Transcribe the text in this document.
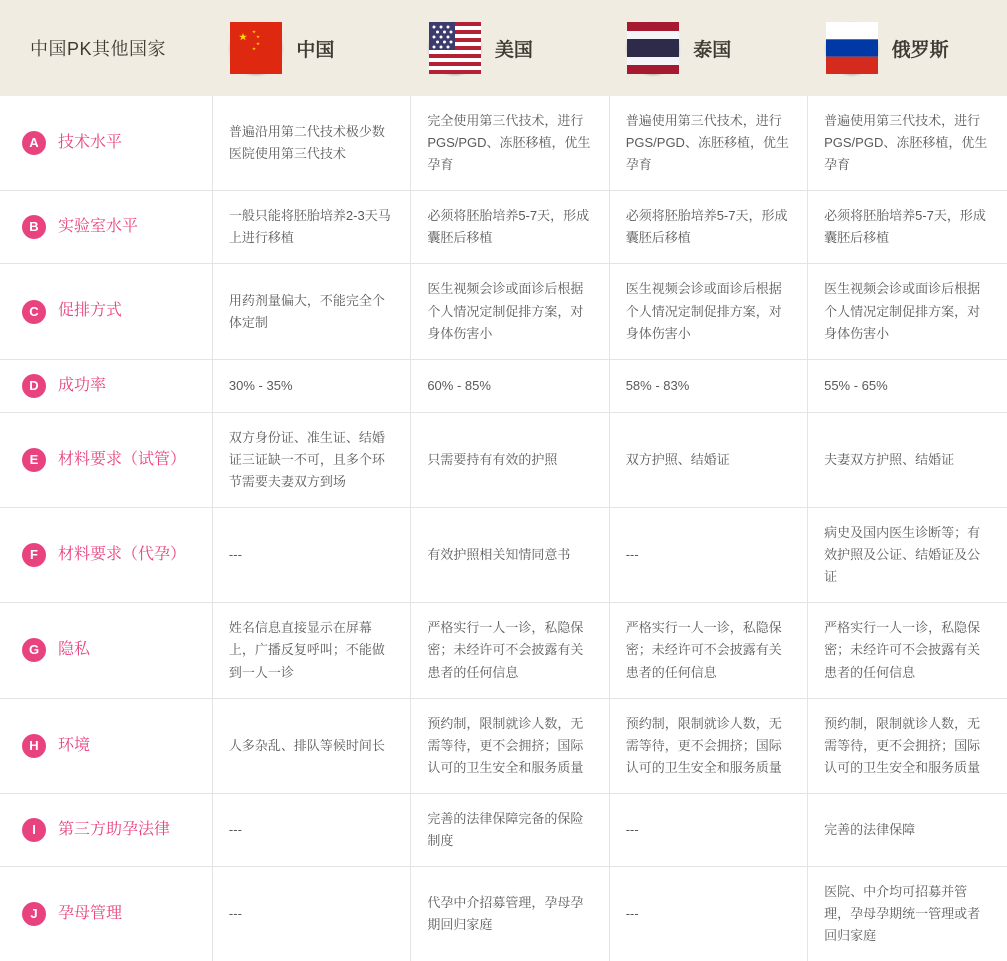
中国PK其他国家	中国	美国	泰国	俄罗斯

A 技术水平	普遍沿用第二代技术极少数医院使用第三代技术	完全使用第三代技术，进行PGS/PGD、冻胚移植，优生孕育	普遍使用第三代技术，进行PGS/PGD、冻胚移植，优生孕育	普遍使用第三代技术，进行PGS/PGD、冻胚移植，优生孕育

B 实验室水平	一般只能将胚胎培养2-3天马上进行移植	必须将胚胎培养5-7天，形成囊胚后移植	必须将胚胎培养5-7天，形成囊胚后移植	必须将胚胎培养5-7天，形成囊胚后移植

C 促排方式	用药剂量偏大，不能完全个体定制	医生视频会诊或面诊后根据个人情况定制促排方案，对身体伤害小	医生视频会诊或面诊后根据个人情况定制促排方案，对身体伤害小	医生视频会诊或面诊后根据个人情况定制促排方案，对身体伤害小

D 成功率	30% - 35%	60% - 85%	58% - 83%	55% - 65%

E 材料要求（试管）	双方身份证、准生证、结婚证三证缺一不可，且多个环节需要夫妻双方到场	只需要持有有效的护照	双方护照、结婚证	夫妻双方护照、结婚证

F 材料要求（代孕）	---	有效护照相关知情同意书	---	病史及国内医生诊断等；有效护照及公证、结婚证及公证

G 隐私	姓名信息直接显示在屏幕上，广播反复呼叫；不能做到一人一诊	严格实行一人一诊，私隐保密；未经许可不会披露有关患者的任何信息	严格实行一人一诊，私隐保密；未经许可不会披露有关患者的任何信息	严格实行一人一诊，私隐保密；未经许可不会披露有关患者的任何信息

H 环境	人多杂乱、排队等候时间长	预约制，限制就诊人数，无需等待，更不会拥挤；国际认可的卫生安全和服务质量	预约制，限制就诊人数，无需等待，更不会拥挤；国际认可的卫生安全和服务质量	预约制，限制就诊人数，无需等待，更不会拥挤；国际认可的卫生安全和服务质量

I 第三方助孕法律	---	完善的法律保障完备的保险制度	---	完善的法律保障

J 孕母管理	---	代孕中介招募管理，孕母孕期回归家庭	---	医院、中介均可招募并管理，孕母孕期统一管理或者回归家庭
